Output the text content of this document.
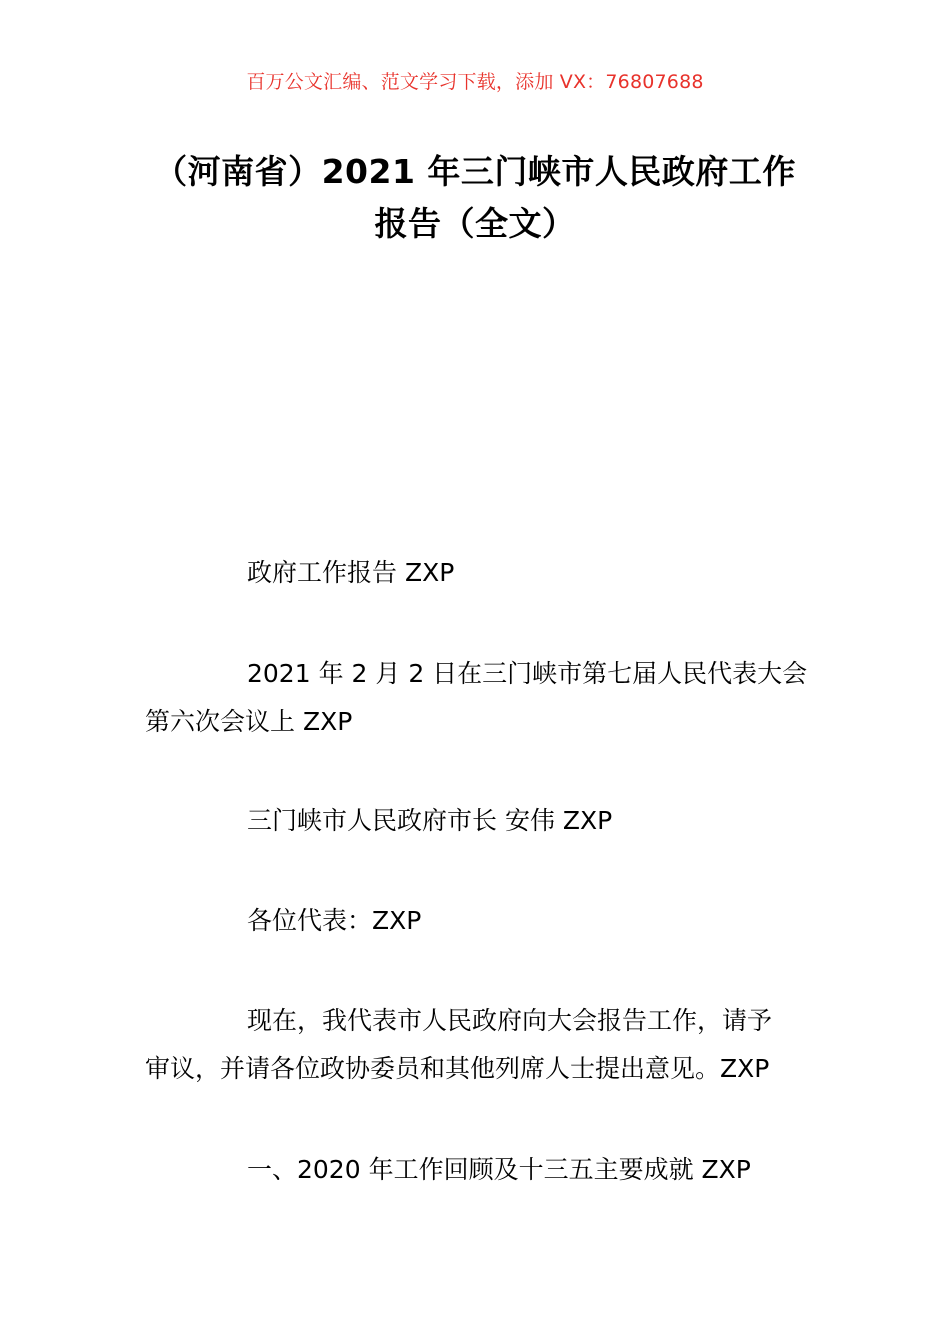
百万公文汇编、范文学习下载，添加 VX：76807688
（河南省）2021 年三门峡市人民政府工作
报告（全文）
政府工作报告 ZXP
2021 年 2 月 2 日在三门峡市第七届人民代表大会
第六次会议上 ZXP
三门峡市人民政府市长 安伟 ZXP
各位代表：ZXP
现在，我代表市人民政府向大会报告工作，请予
审议，并请各位政协委员和其他列席人士提出意见。ZXP
一、2020 年工作回顾及十三五主要成就 ZXP
